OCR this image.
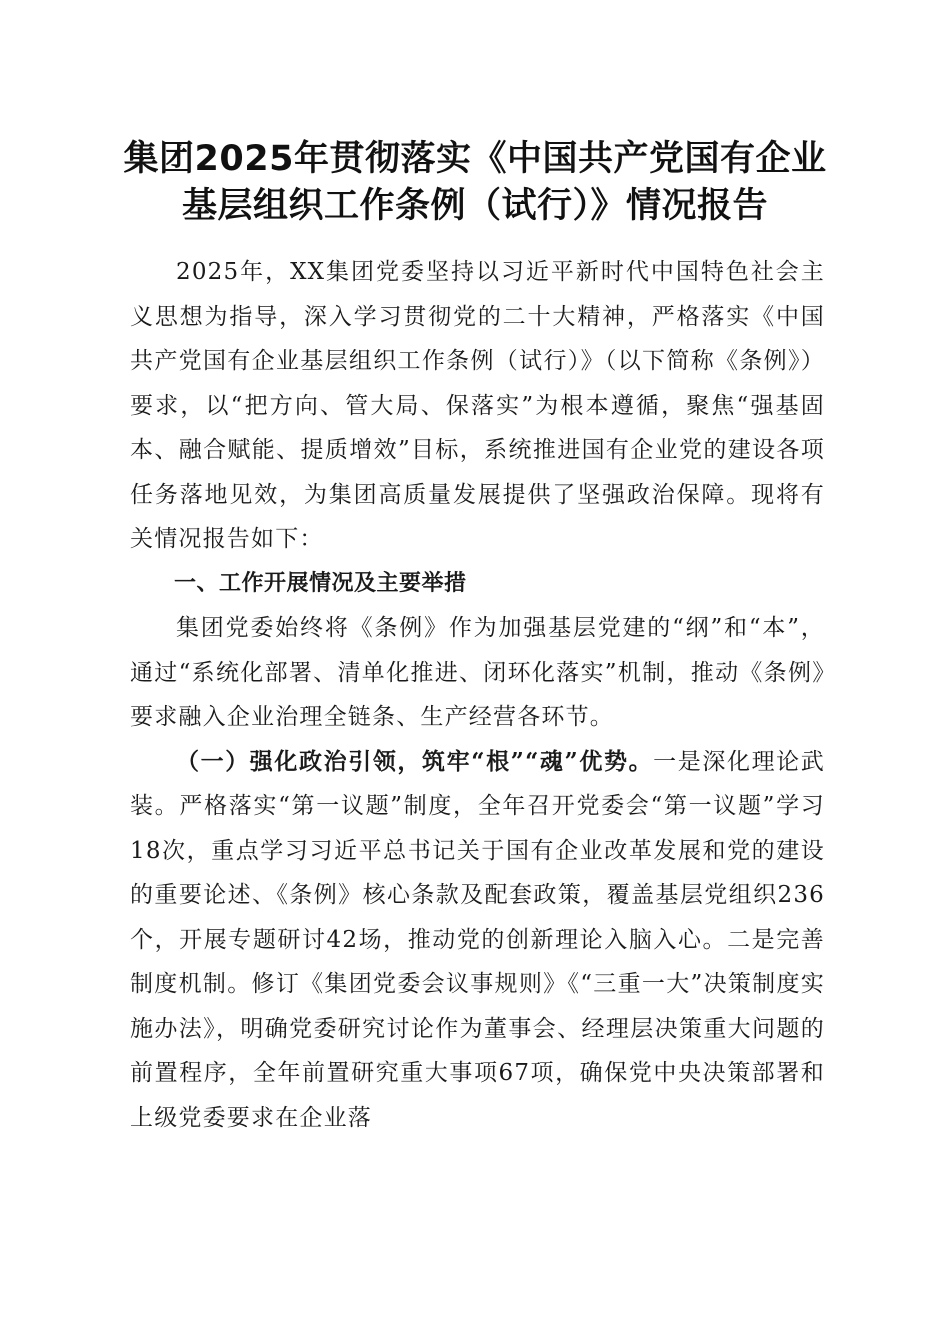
集团2025年贯彻落实《中国共产党国有企业
基层组织工作条例（试行）》情况报告

2025年，XX集团党委坚持以习近平新时代中国特色社会主义思想为指导，深入学习贯彻党的二十大精神，严格落实《中国共产党国有企业基层组织工作条例（试行）》（以下简称《条例》）要求，以“把方向、管大局、保落实”为根本遵循，聚焦“强基固本、融合赋能、提质增效”目标，系统推进国有企业党的建设各项任务落地见效，为集团高质量发展提供了坚强政治保障。现将有关情况报告如下：

一、工作开展情况及主要举措

集团党委始终将《条例》作为加强基层党建的“纲”和“本”，通过“系统化部署、清单化推进、闭环化落实”机制，推动《条例》要求融入企业治理全链条、生产经营各环节。

（一）强化政治引领，筑牢“根”“魂”优势。一是深化理论武装。严格落实“第一议题”制度，全年召开党委会“第一议题”学习18次，重点学习习近平总书记关于国有企业改革发展和党的建设的重要论述、《条例》核心条款及配套政策，覆盖基层党组织236个，开展专题研讨42场，推动党的创新理论入脑入心。二是完善制度机制。修订《集团党委会议事规则》《“三重一大”决策制度实施办法》，明确党委研究讨论作为董事会、经理层决策重大问题的前置程序，全年前置研究重大事项67项，确保党中央决策部署和上级党委要求在企业落
